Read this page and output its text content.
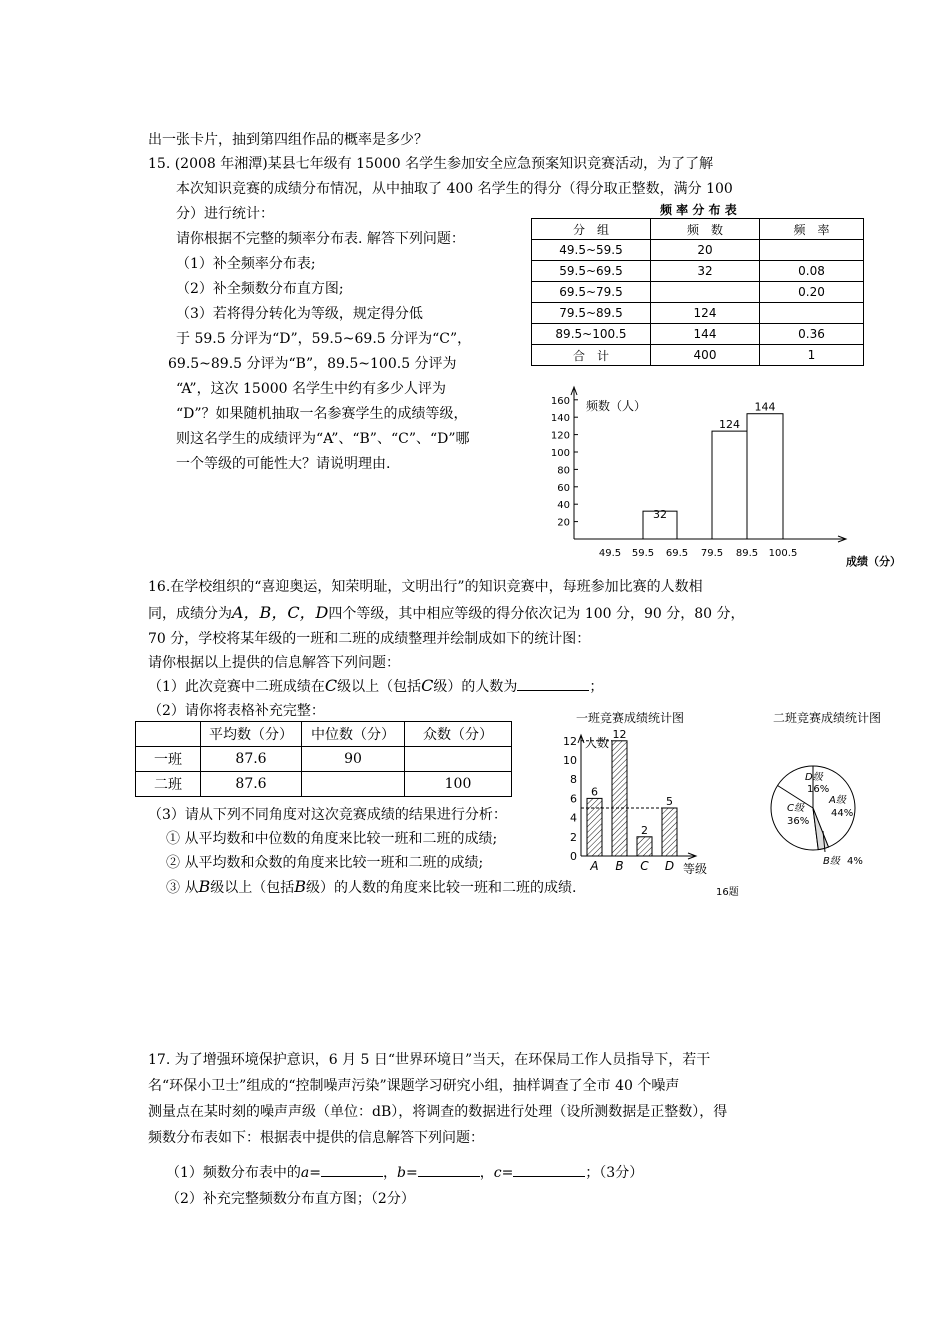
出一张卡片，抽到第四组作品的概率是多少？
15. (2008 年湘潭)某县七年级有 15000 名学生参加安全应急预案知识竞赛活动，为了了解
本次知识竞赛的成绩分布情况，从中抽取了 400 名学生的得分（得分取正整数，满分 100
分）进行统计：
请你根据不完整的频率分布表. 解答下列问题：
（1）补全频率分布表;
（2）补全频数分布直方图;
（3）若将得分转化为等级，规定得分低
于 59.5 分评为“D”，59.5~69.5 分评为“C”，
69.5~89.5 分评为“B”，89.5~100.5 分评为
“A”，这次 15000 名学生中约有多少人评为
“D”？如果随机抽取一名参赛学生的成绩等级，
则这名学生的成绩评为“A”、“B”、“C”、“D”哪
一个等级的可能性大？请说明理由.
频 率 分 布 表
分　组	频　数	频　率
49.5~59.5	20	
59.5~69.5	32	0.08
69.5~79.5		0.20
79.5~89.5	124	
89.5~100.5	144	0.36
合　计	400	1
20
40
60
80
100
120
140
160
49.5 59.5 69.5 79.5 89.5 100.5
32
124
144
频数（人）
成绩（分）
16.在学校组织的“喜迎奥运，知荣明耻，文明出行”的知识竞赛中，每班参加比赛的人数相
同，成绩分为A，B，C，D四个等级，其中相应等级的得分依次记为 100 分，90 分，80 分，
70 分，学校将某年级的一班和二班的成绩整理并绘制成如下的统计图：
请你根据以上提供的信息解答下列问题：
（1）此次竞赛中二班成绩在C级以上（包括C级）的人数为	；
（2）请你将表格补充完整：
	平均数（分）	中位数（分）	众数（分）
一班	87.6	90	
二班	87.6		100
（3）请从下列不同角度对这次竞赛成绩的结果进行分析：
① 从平均数和中位数的角度来比较一班和二班的成绩;
② 从平均数和众数的角度来比较一班和二班的成绩;
③ 从B级以上（包括B级）的人数的角度来比较一班和二班的成绩.
一班竞赛成绩统计图
人数
等级
0
2
4
6
8
10
12
6
A
12
B
2
C
5
D
二班竞赛成绩统计图
A级
44%
C级
36%
D级
16%
B级 4%
16题
17. 为了增强环境保护意识，6 月 5 日“世界环境日”当天，在环保局工作人员指导下，若干
名“环保小卫士”组成的“控制噪声污染”课题学习研究小组，抽样调查了全市 40 个噪声
测量点在某时刻的噪声声级（单位：dB），将调查的数据进行处理（设所测数据是正整数），得
频数分布表如下：根据表中提供的信息解答下列问题：
（1）频数分布表中的a=	，b=	，c=	；（3分）
（2）补充完整频数分布直方图；（2分）
